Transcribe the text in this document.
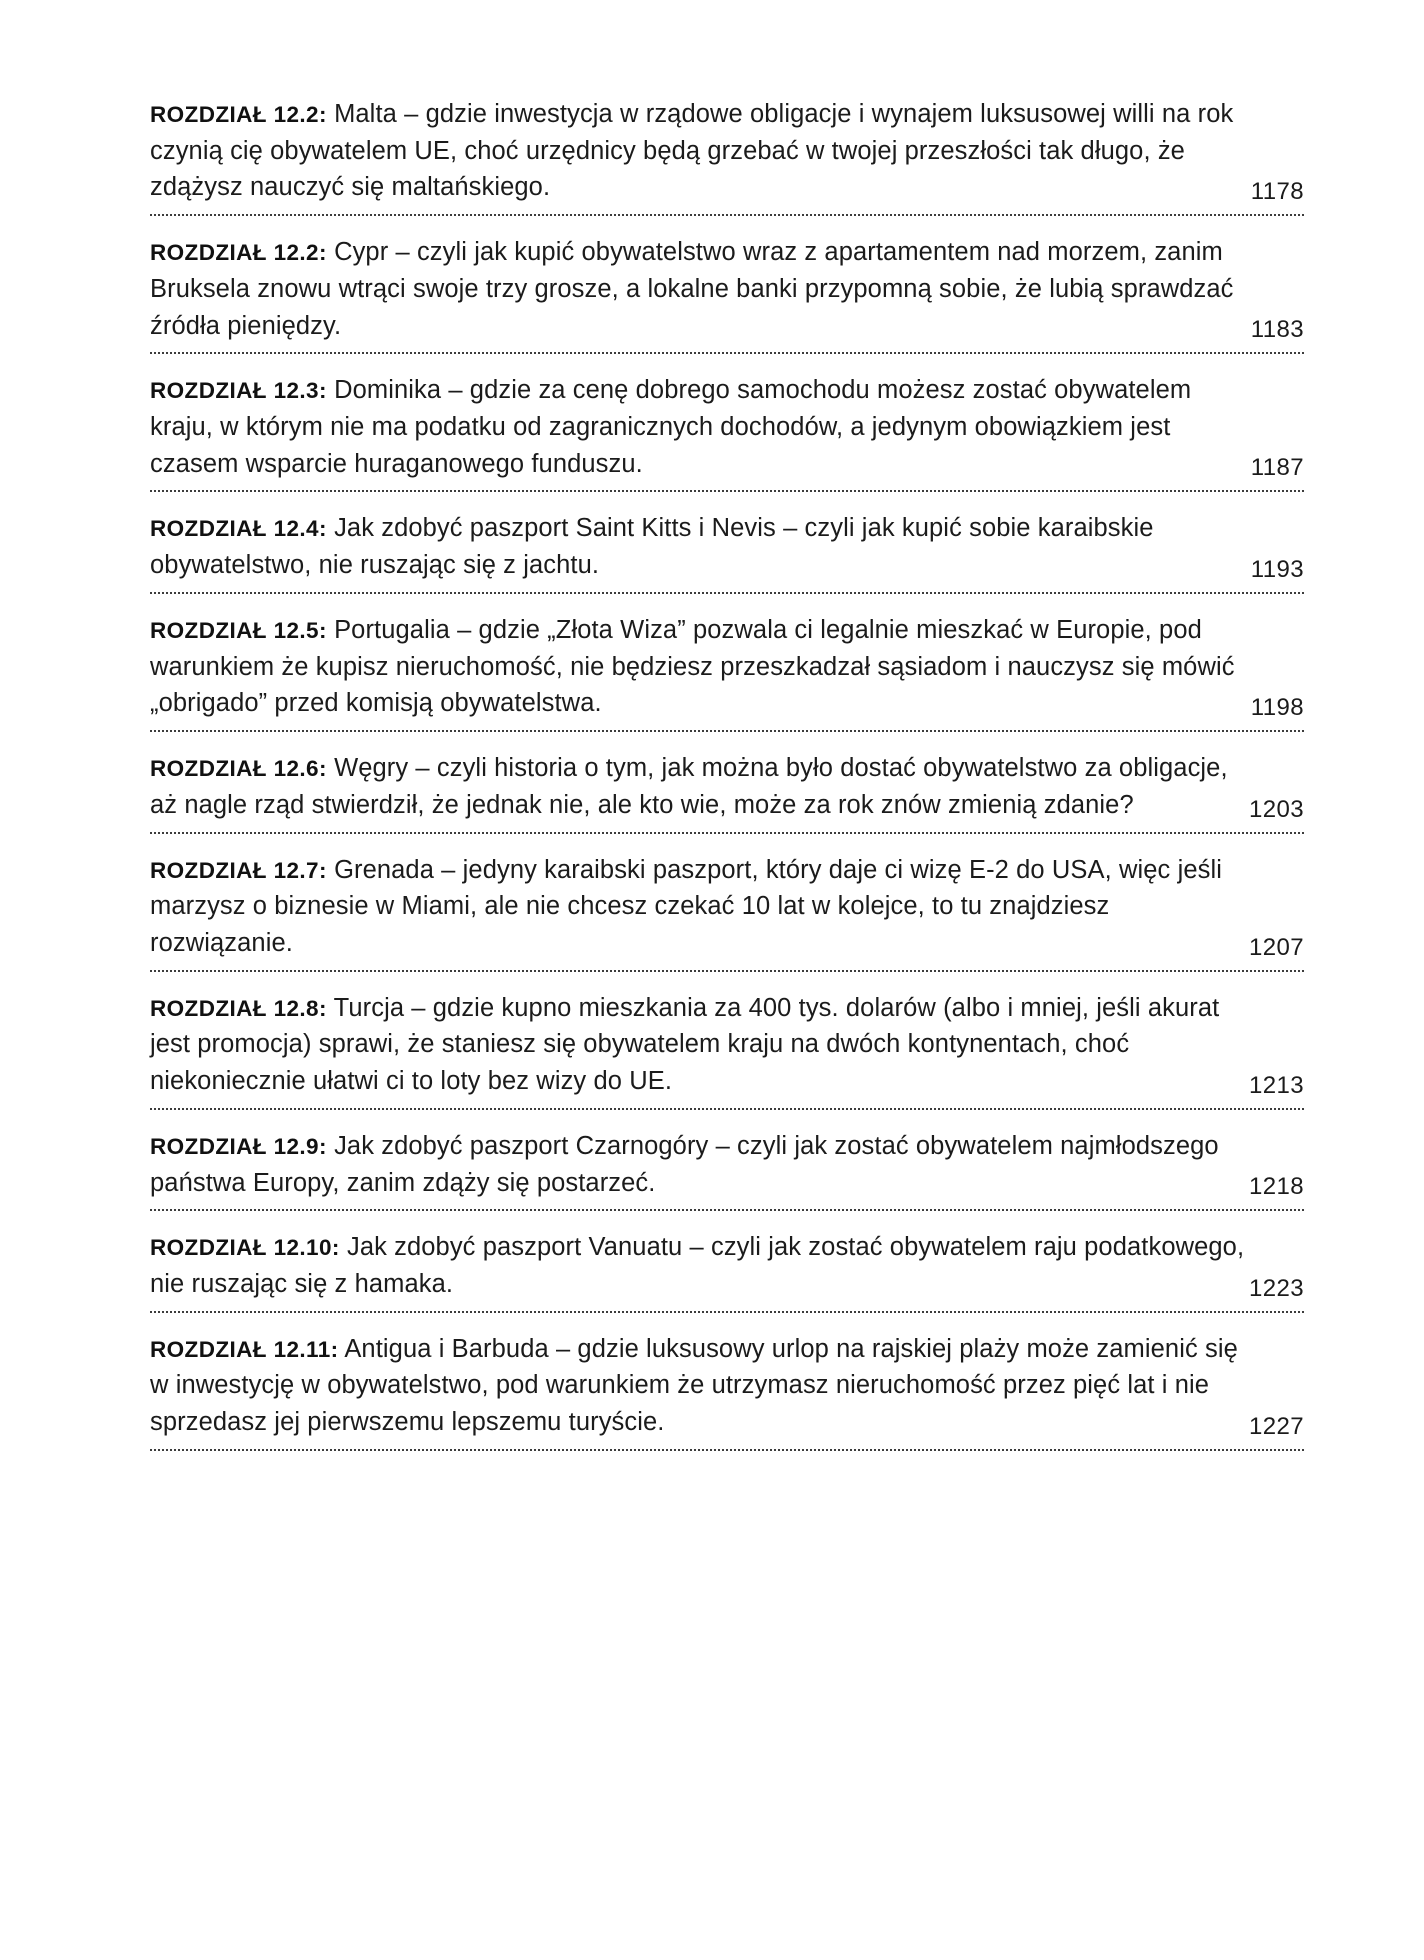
ROZDZIAŁ 12.2: Malta – gdzie inwestycja w rządowe obligacje i wynajem luksusowej willi na rok czynią cię obywatelem UE, choć urzędnicy będą grzebać w twojej przeszłości tak długo, że zdążysz nauczyć się maltańskiego.	1178

ROZDZIAŁ 12.2: Cypr – czyli jak kupić obywatelstwo wraz z apartamentem nad morzem, zanim Bruksela znowu wtrąci swoje trzy grosze, a lokalne banki przypomną sobie, że lubią sprawdzać źródła pieniędzy.	1183

ROZDZIAŁ 12.3: Dominika – gdzie za cenę dobrego samochodu możesz zostać obywatelem kraju, w którym nie ma podatku od zagranicznych dochodów, a jedynym obowiązkiem jest czasem wsparcie huraganowego funduszu.	1187

ROZDZIAŁ 12.4: Jak zdobyć paszport Saint Kitts i Nevis – czyli jak kupić sobie karaibskie obywatelstwo, nie ruszając się z jachtu.	1193

ROZDZIAŁ 12.5: Portugalia – gdzie „Złota Wiza” pozwala ci legalnie mieszkać w Europie, pod warunkiem że kupisz nieruchomość, nie będziesz przeszkadzał sąsiadom i nauczysz się mówić „obrigado” przed komisją obywatelstwa.	1198

ROZDZIAŁ 12.6: Węgry – czyli historia o tym, jak można było dostać obywatelstwo za obligacje, aż nagle rząd stwierdził, że jednak nie, ale kto wie, może za rok znów zmienią zdanie?	1203

ROZDZIAŁ 12.7: Grenada – jedyny karaibski paszport, który daje ci wizę E-2 do USA, więc jeśli marzysz o biznesie w Miami, ale nie chcesz czekać 10 lat w kolejce, to tu znajdziesz rozwiązanie.	1207

ROZDZIAŁ 12.8: Turcja – gdzie kupno mieszkania za 400 tys. dolarów (albo i mniej, jeśli akurat jest promocja) sprawi, że staniesz się obywatelem kraju na dwóch kontynentach, choć niekoniecznie ułatwi ci to loty bez wizy do UE.	1213

ROZDZIAŁ 12.9: Jak zdobyć paszport Czarnogóry – czyli jak zostać obywatelem najmłodszego państwa Europy, zanim zdąży się postarzeć.	1218

ROZDZIAŁ 12.10: Jak zdobyć paszport Vanuatu – czyli jak zostać obywatelem raju podatkowego, nie ruszając się z hamaka.	1223

ROZDZIAŁ 12.11: Antigua i Barbuda – gdzie luksusowy urlop na rajskiej plaży może zamienić się w inwestycję w obywatelstwo, pod warunkiem że utrzymasz nieruchomość przez pięć lat i nie sprzedasz jej pierwszemu lepszemu turyście.	1227
